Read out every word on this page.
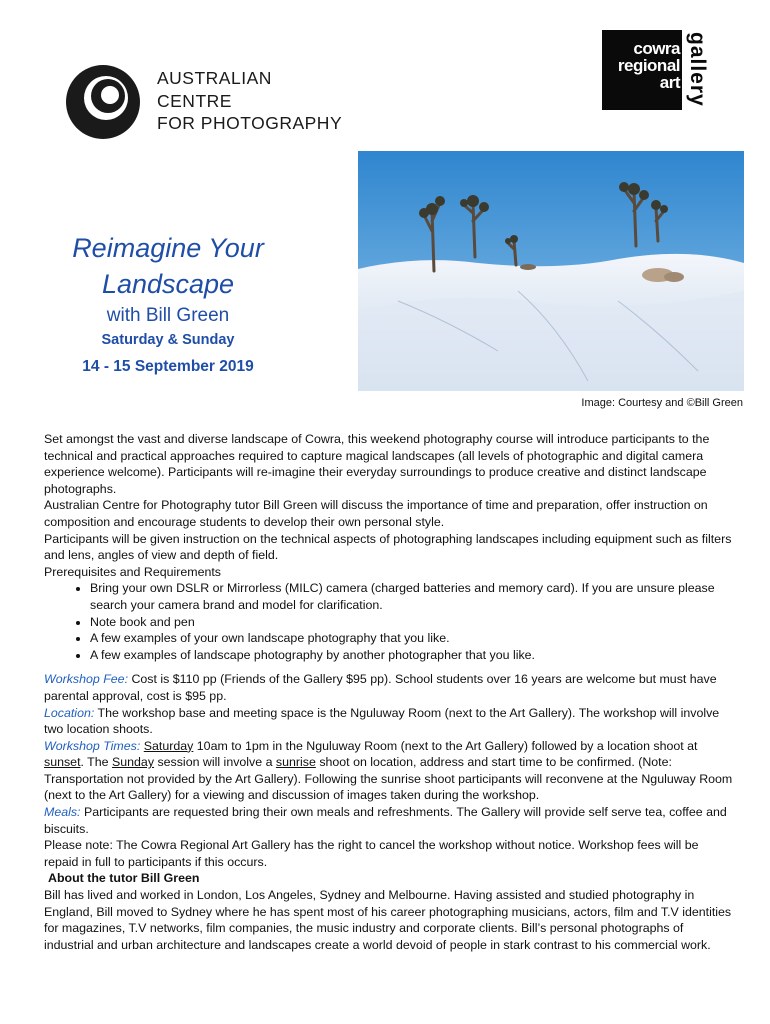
AUSTRALIAN
CENTRE
FOR PHOTOGRAPHY
cowra
regional
art gallery
Reimagine Your
Landscape
with Bill Green
Saturday & Sunday
14 - 15 September 2019
Image: Courtesy and ©Bill Green

Set amongst the vast and diverse landscape of Cowra, this weekend photography course will introduce participants to the technical and practical approaches required to capture magical landscapes (all levels of photographic and digital camera experience welcome). Participants will re-imagine their everyday surroundings to produce creative and distinct landscape photographs.

Australian Centre for Photography tutor Bill Green will discuss the importance of time and preparation, offer instruction on composition and encourage students to develop their own personal style.

Participants will be given instruction on the technical aspects of photographing landscapes including equipment such as filters and lens, angles of view and depth of field.

Prerequisites and Requirements

• Bring your own DSLR or Mirrorless (MILC) camera (charged batteries and memory card). If you are unsure please search your camera brand and model for clarification.
• Note book and pen
• A few examples of your own landscape photography that you like.
• A few examples of landscape photography by another photographer that you like.

Workshop Fee: Cost is $110 pp (Friends of the Gallery $95 pp). School students over 16 years are welcome but must have parental approval, cost is $95 pp.

Location: The workshop base and meeting space is the Nguluway Room (next to the Art Gallery). The workshop will involve two location shoots.

Workshop Times: Saturday 10am to 1pm in the Nguluway Room (next to the Art Gallery) followed by a location shoot at sunset. The Sunday session will involve a sunrise shoot on location, address and start time to be confirmed. (Note: Transportation not provided by the Art Gallery). Following the sunrise shoot participants will reconvene at the Nguluway Room (next to the Art Gallery) for a viewing and discussion of images taken during the workshop.

Meals: Participants are requested bring their own meals and refreshments. The Gallery will provide self serve tea, coffee and biscuits.

Please note: The Cowra Regional Art Gallery has the right to cancel the workshop without notice. Workshop fees will be repaid in full to participants if this occurs.

About the tutor Bill Green

Bill has lived and worked in London, Los Angeles, Sydney and Melbourne. Having assisted and studied photography in England, Bill moved to Sydney where he has spent most of his career photographing musicians, actors, film and T.V identities for magazines, T.V networks, film companies, the music industry and corporate clients. Bill’s personal photographs of industrial and urban architecture and landscapes create a world devoid of people in stark contrast to his commercial work.
